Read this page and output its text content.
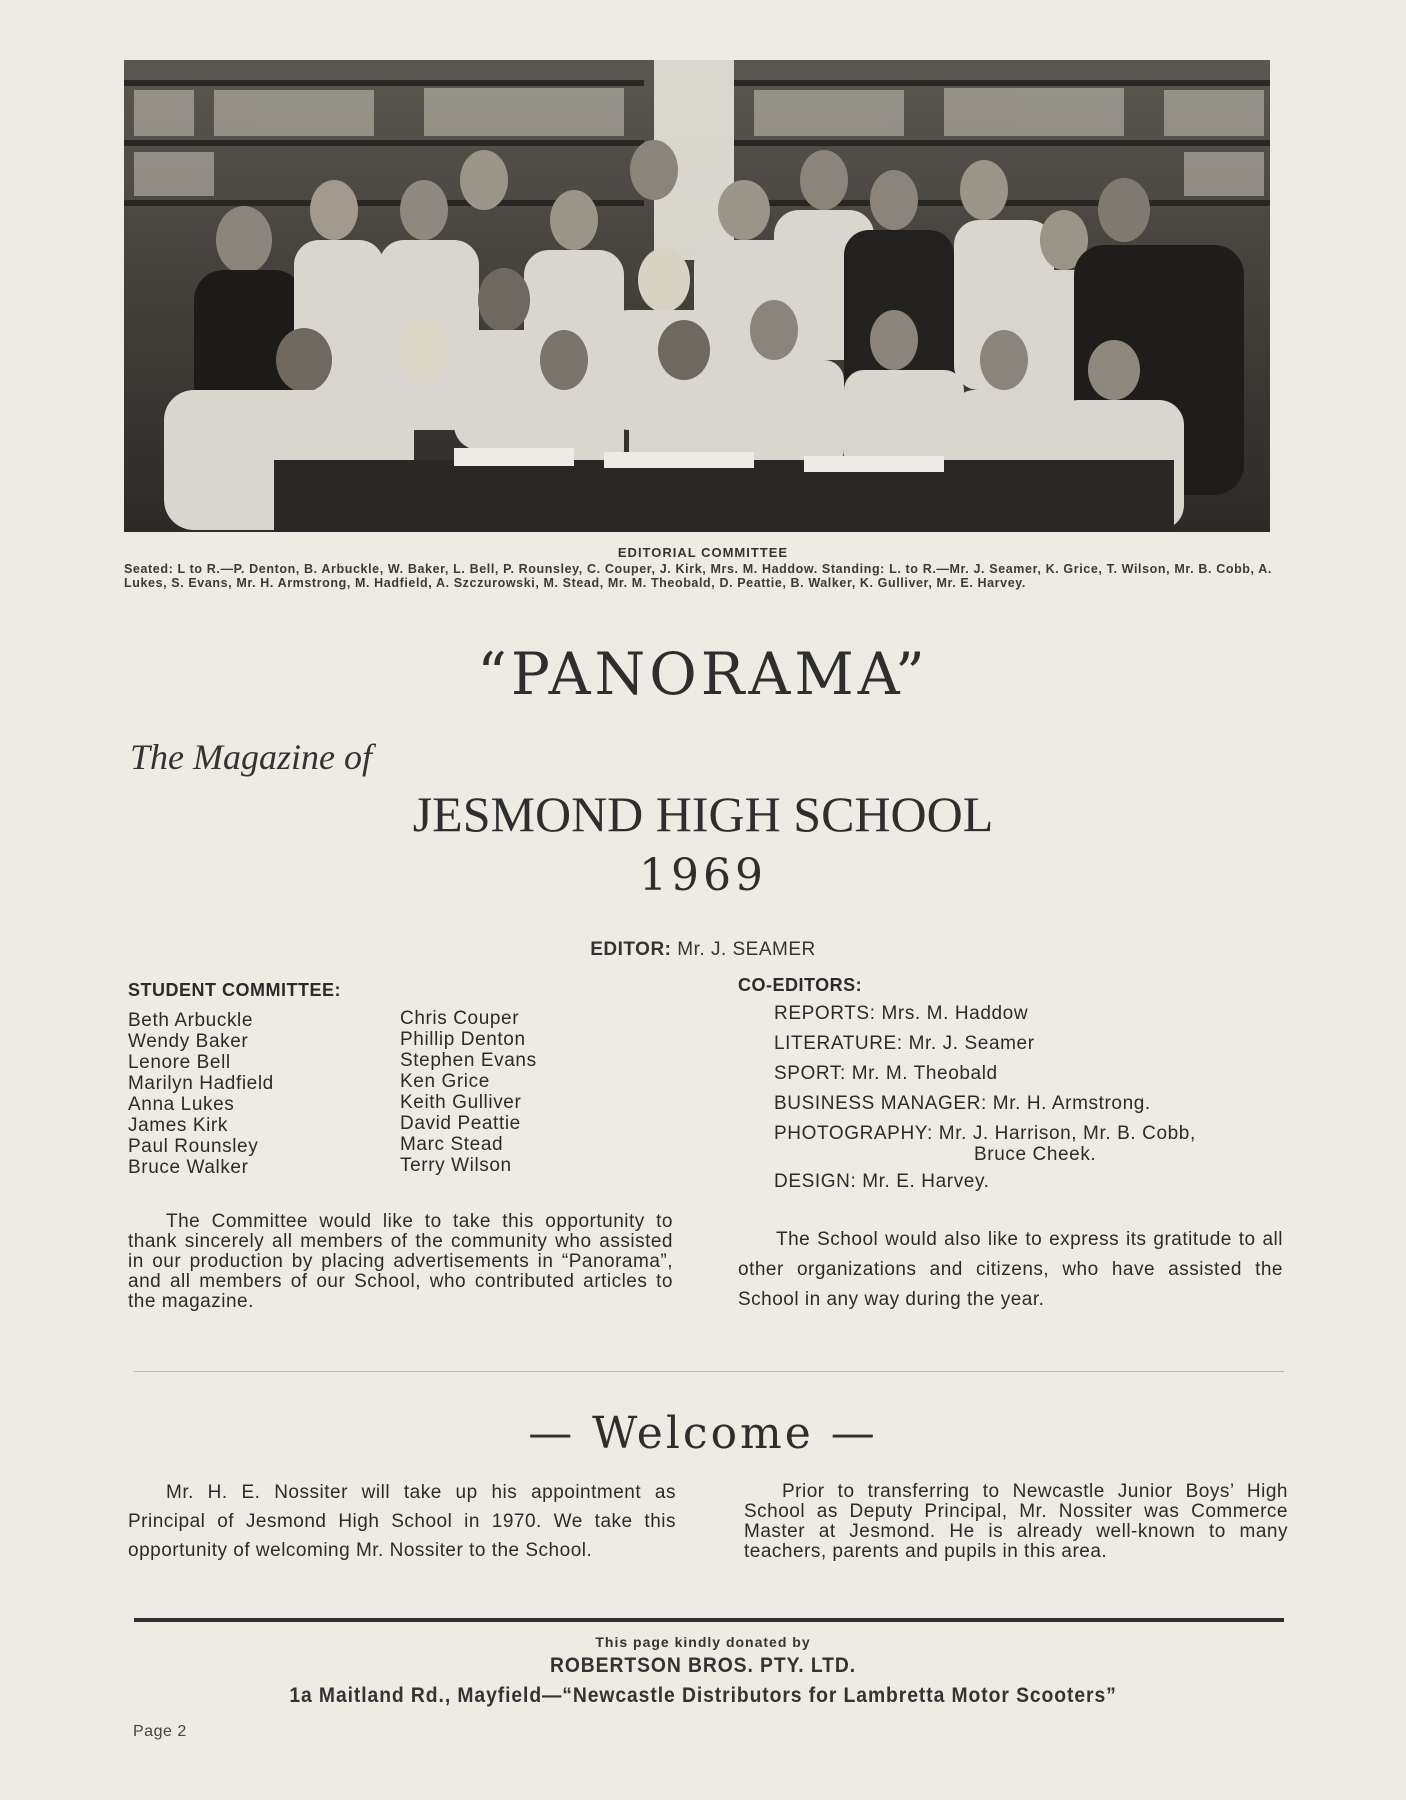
EDITORIAL COMMITTEE
Seated: L to R.—P. Denton, B. Arbuckle, W. Baker, L. Bell, P. Rounsley, C. Couper, J. Kirk, Mrs. M. Haddow. Standing: L. to R.—Mr. J. Seamer, K. Grice, T. Wilson, Mr. B. Cobb, A. Lukes, S. Evans, Mr. H. Armstrong, M. Hadfield, A. Szczurowski, M. Stead, Mr. M. Theobald, D. Peattie, B. Walker, K. Gulliver, Mr. E. Harvey.
“PANORAMA”
The Magazine of
JESMOND HIGH SCHOOL
1969
EDITOR: Mr. J. SEAMER
STUDENT COMMITTEE:
Beth Arbuckle
Wendy Baker
Lenore Bell
Marilyn Hadfield
Anna Lukes
James Kirk
Paul Rounsley
Bruce Walker
Chris Couper
Phillip Denton
Stephen Evans
Ken Grice
Keith Gulliver
David Peattie
Marc Stead
Terry Wilson
CO-EDITORS:
REPORTS: Mrs. M. Haddow
LITERATURE: Mr. J. Seamer
SPORT: Mr. M. Theobald
BUSINESS MANAGER: Mr. H. Armstrong.
PHOTOGRAPHY: Mr. J. Harrison, Mr. B. Cobb,
Bruce Cheek.
DESIGN: Mr. E. Harvey.
The Committee would like to take this opportunity to thank sincerely all members of the community who assisted in our production by placing advertisements in “Panorama”, and all members of our School, who contributed articles to the magazine.
The School would also like to express its gratitude to all other organizations and citizens, who have assisted the School in any way during the year.
— Welcome —
Mr. H. E. Nossiter will take up his appointment as Principal of Jesmond High School in 1970. We take this opportunity of welcoming Mr. Nossiter to the School.
Prior to transferring to Newcastle Junior Boys’ High School as Deputy Principal, Mr. Nossiter was Commerce Master at Jesmond. He is already well-known to many teachers, parents and pupils in this area.
This page kindly donated by
ROBERTSON BROS. PTY. LTD.
1a Maitland Rd., Mayfield—“Newcastle Distributors for Lambretta Motor Scooters”
Page 2
